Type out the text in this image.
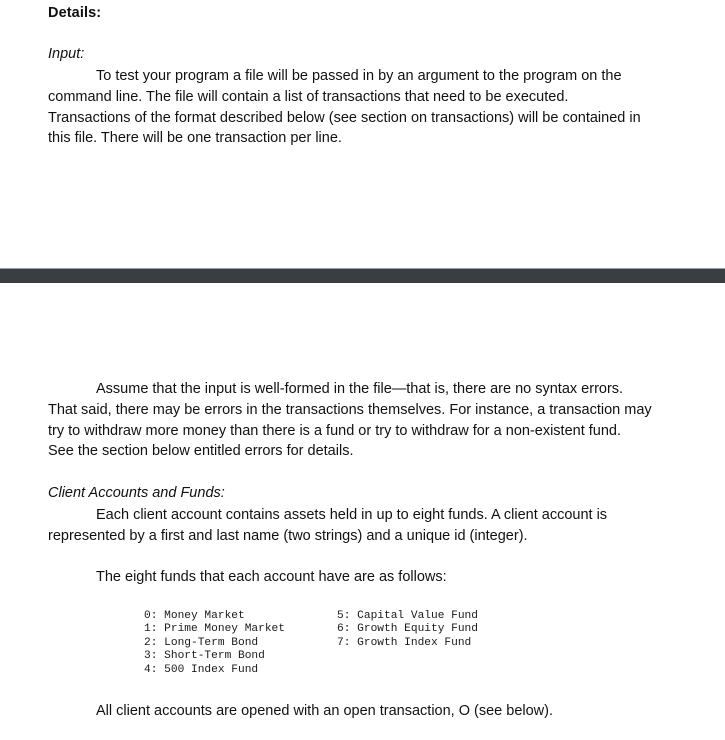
Details:
Input:

To test your program a file will be passed in by an argument to the program on the
command line. The file will contain a list of transactions that need to be executed.
Transactions of the format described below (see section on transactions) will be contained in
this file. There will be one transaction per line.

Assume that the input is well-formed in the file—that is, there are no syntax errors.
That said, there may be errors in the transactions themselves. For instance, a transaction may
try to withdraw more money than there is a fund or try to withdraw for a non-existent fund.
See the section below entitled errors for details.

Client Accounts and Funds:

Each client account contains assets held in up to eight funds. A client account is
represented by a first and last name (two strings) and a unique id (integer).

The eight funds that each account have are as follows:
0: Money Market
1: Prime Money Market
2: Long-Term Bond
3: Short-Term Bond
4: 500 Index Fund
5: Capital Value Fund
6: Growth Equity Fund
7: Growth Index Fund
All client accounts are opened with an open transaction, O (see below).
